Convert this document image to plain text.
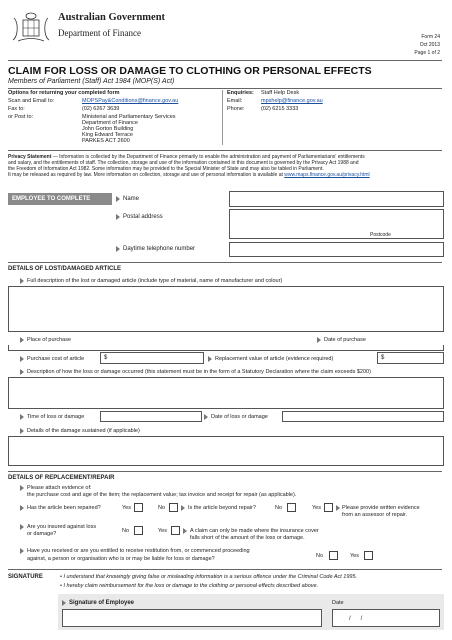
Australian Government
Department of Finance	Form 24
Oct 2013
Page 1 of 2
CLAIM FOR LOSS OR DAMAGE TO CLOTHING OR PERSONAL EFFECTS
Members of Parliament (Staff) Act 1984 (MOP(S) Act)
Options for returning your completed form
Scan and Email to:	MOPSPay&Conditions@finance.gov.au
Fax to:	(02) 6267 3639
or Post to:	Ministerial and Parliamentary Services
Department of Finance
John Gorton Building
King Edward Terrace
PARKES ACT 2600
Enquiries: Staff Help Desk
Email:	mpshelp@finance.gov.au
Phone:	(02) 6215 3333
Privacy Statement — Information is collected by the Department of Finance primarily to enable the administration and payment of Parliamentarians' entitlements
and salary, and the entitlements of staff. The collection, storage and use of the information contained in this document is governed by the Privacy Act 1988 and
the Freedom of Information Act 1982. Some information may be provided to the Special Minister of State and may also be tabled in Parliament.
It may be released as required by law. More information on collection, storage and use of personal information is available at www.maps.finance.gov.au/privacy.html
EMPLOYEE TO COMPLETE	Name
Postal address
Postcode
Daytime telephone number
DETAILS OF LOST/DAMAGED ARTICLE
Full description of the lost or damaged article (include type of material, name of manufacturer and colour)
Place of purchase	Date of purchase
Purchase cost of article	$	Replacement value of article (evidence required)	$
Description of how the loss or damage occurred (this statement must be in the form of a Statutory Declaration where the claim exceeds $200)
Time of loss or damage	Date of loss or damage
Details of the damage sustained (if applicable)
DETAILS OF REPLACEMENT/REPAIR
Please attach evidence of:
the purchase cost and age of the item; the replacement value; tax invoice and receipt for repair (as applicable).
Has the article been repaired?	Yes	No	Is the article beyond repair?	No	Yes	Please provide written evidence
from an assessor of repair.
Are you insured against loss
or damage?	No	Yes	A claim can only be made where the insurance cover
falls short of the amount of the loss or damage.
Have you received or are you entitled to receive restitution from, or commenced proceeding
against, a person or organisation who is or may be liable for loss or damage?	No	Yes
SIGNATURE	• I understand that knowingly giving false or misleading information is a serious offence under the Criminal Code Act 1995.
• I hereby claim reimbursement for the loss or damage to the clothing or personal effects described above.
Signature of Employee	Date
/      /
